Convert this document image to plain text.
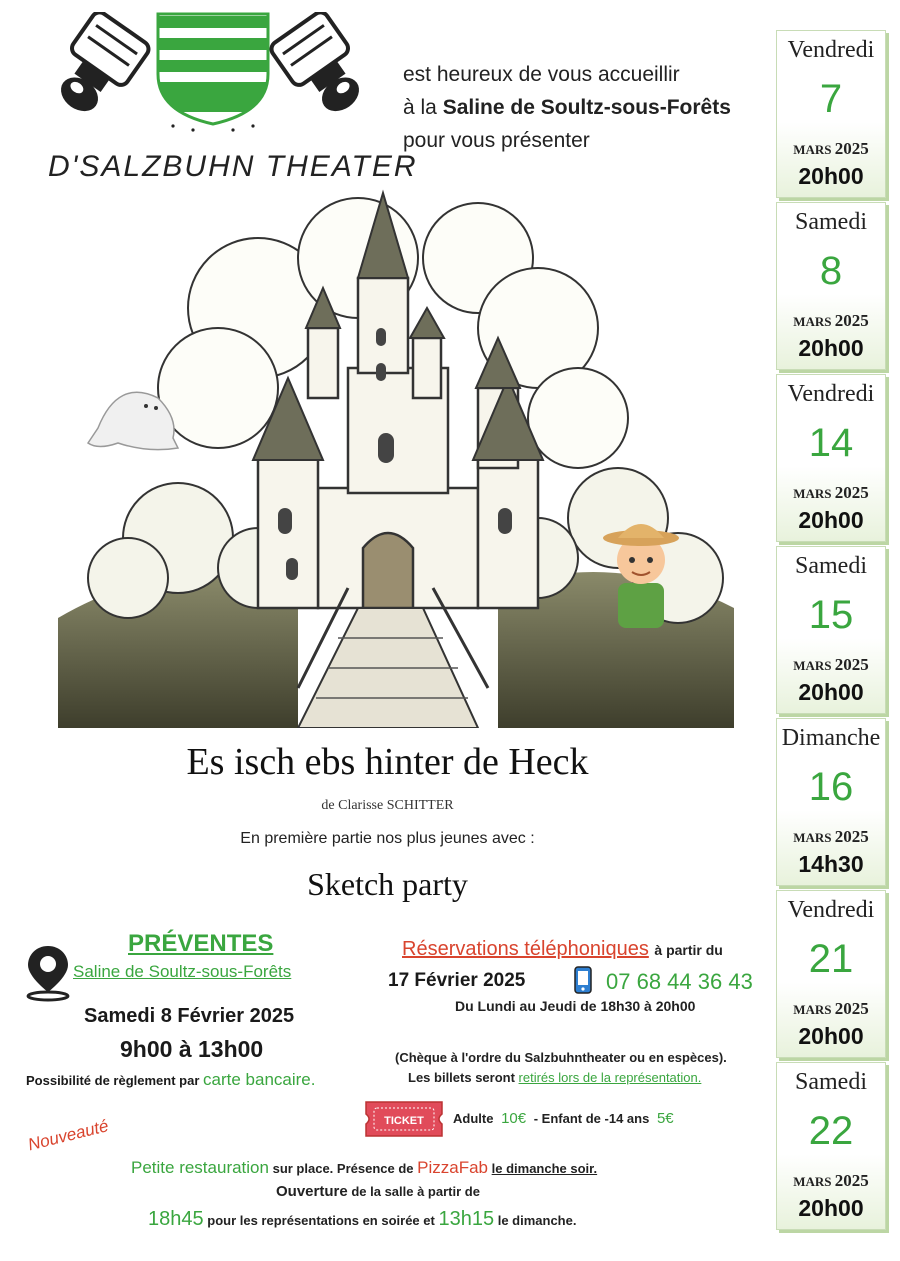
D'SALZBUHN THEATER
est heureux de vous accueillir
à la Saline de Soultz-sous-Forêts
pour vous présenter
Es isch ebs hinter de Heck
de Clarisse SCHITTER
En première partie nos plus jeunes avec :
Sketch party
PRÉVENTES
Saline de Soultz-sous-Forêts
Samedi 8 Février 2025
9h00 à 13h00
Possibilité de règlement par carte bancaire.
Réservations téléphoniques à partir du
17 Février 2025	07 68 44 36 43
Du Lundi au Jeudi de 18h30 à 20h00
(Chèque à l'ordre du Salzbuhntheater ou en espèces).
Les billets seront retirés lors de la représentation.
TICKET Adulte 10€ - Enfant de -14 ans 5€
Nouveauté
Petite restauration sur place. Présence de PizzaFab le dimanche soir.
Ouverture de la salle à partir de
18h45 pour les représentations en soirée et 13h15 le dimanche.
Vendredi
7
MARS 2025
20h00
Samedi
8
MARS 2025
20h00
Vendredi
14
MARS 2025
20h00
Samedi
15
MARS 2025
20h00
Dimanche
16
MARS 2025
14h30
Vendredi
21
MARS 2025
20h00
Samedi
22
MARS 2025
20h00
